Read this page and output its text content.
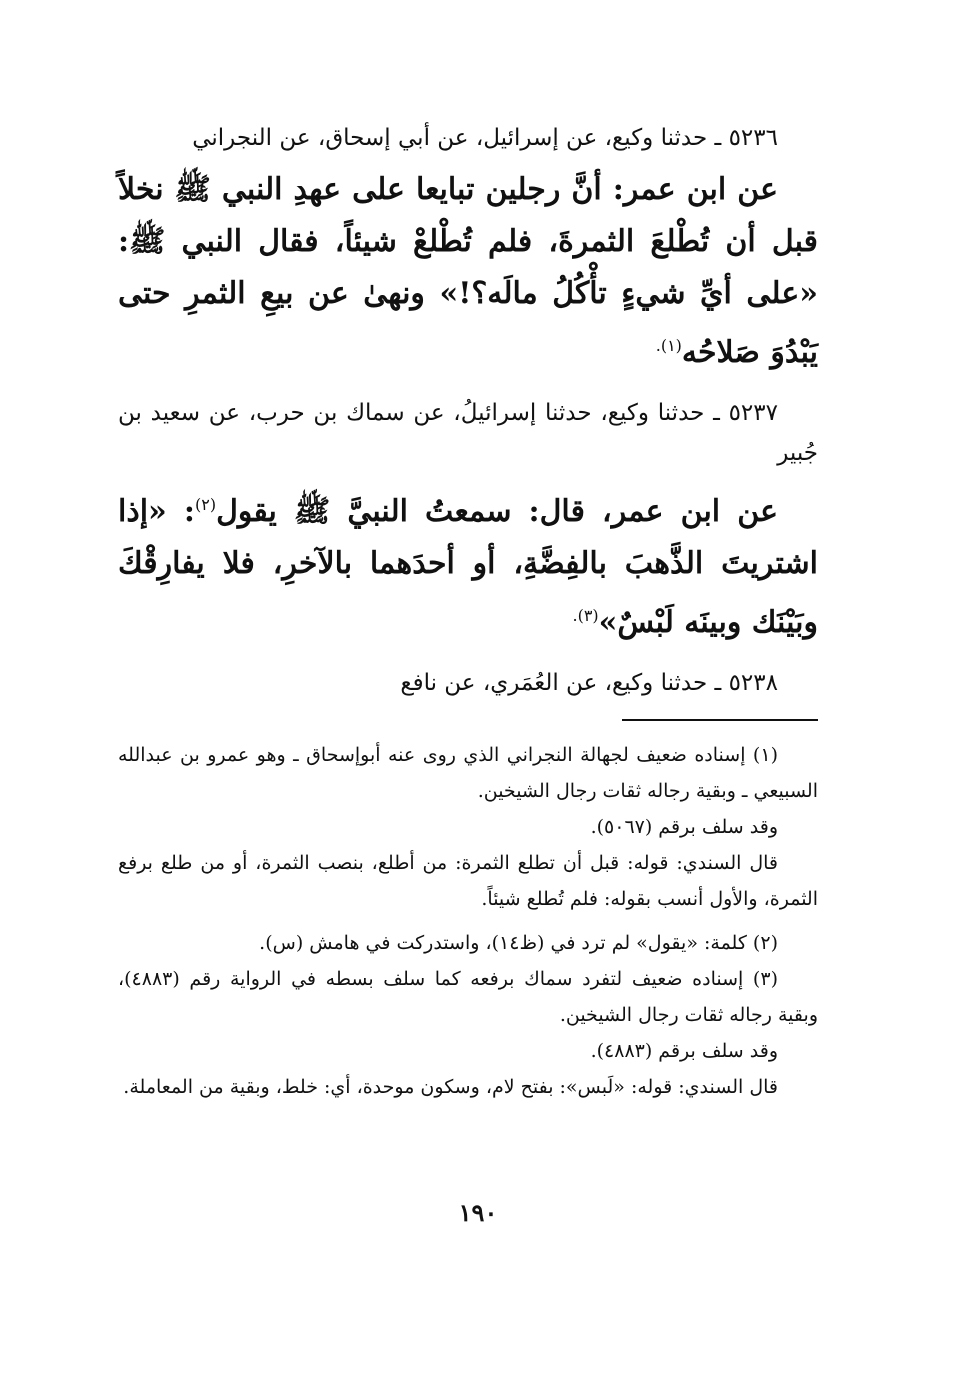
٥٢٣٦ ـ حدثنا وكيع، عن إسرائيل، عن أبي إسحاق، عن النجراني

عن ابن عمر: أنَّ رجلين تبايعا على عهدِ النبي ﷺ نخلاً قبل أن تُطْلعَ الثمرةَ، فلم تُطْلعْ شيئاً، فقال النبي ﷺ: «على أيِّ شيءٍ تأْكُلُ مالَه؟!» ونهىٰ عن بيعِ الثمرِ حتى يَبْدُوَ صَلاحُه$^{(١).}$

٥٢٣٧ ـ حدثنا وكيع، حدثنا إسرائيلُ، عن سماك بن حرب، عن سعيد بن جُبير

عن ابن عمر، قال: سمعتُ النبيَّ ﷺ يقول$^{(٢)}$: «إذا اشتريتَ الذَّهبَ بالفِضَّةِ، أو أحدَهما بالآخرِ، فلا يفارِقْكَ وبَيْنَك وبينَه لَبْسٌ»$^{(٣).}$

٥٢٣٨ ـ حدثنا وكيع، عن العُمَري، عن نافع

(١) إسناده ضعيف لجهالة النجراني الذي روى عنه أبوإسحاق ـ وهو عمرو بن عبدالله السبيعي ـ وبقية رجاله ثقات رجال الشيخين.

وقد سلف برقم (٥٠٦٧).

قال السندي: قوله: قبل أن تطلع الثمرة: من أطلع، بنصب الثمرة، أو من طلع برفع الثمرة، والأول أنسب بقوله: فلم تُطلع شيئاً.

(٢) كلمة: «يقول» لم ترد في (ظ١٤)، واستدركت في هامش (س).

(٣) إسناده ضعيف لتفرد سماك برفعه كما سلف بسطه في الرواية رقم (٤٨٨٣)، وبقية رجاله ثقات رجال الشيخين.

وقد سلف برقم (٤٨٨٣).

قال السندي: قوله: «لَبس»: بفتح لام، وسكون موحدة، أي: خلط، وبقية من المعاملة.

١٩٠
